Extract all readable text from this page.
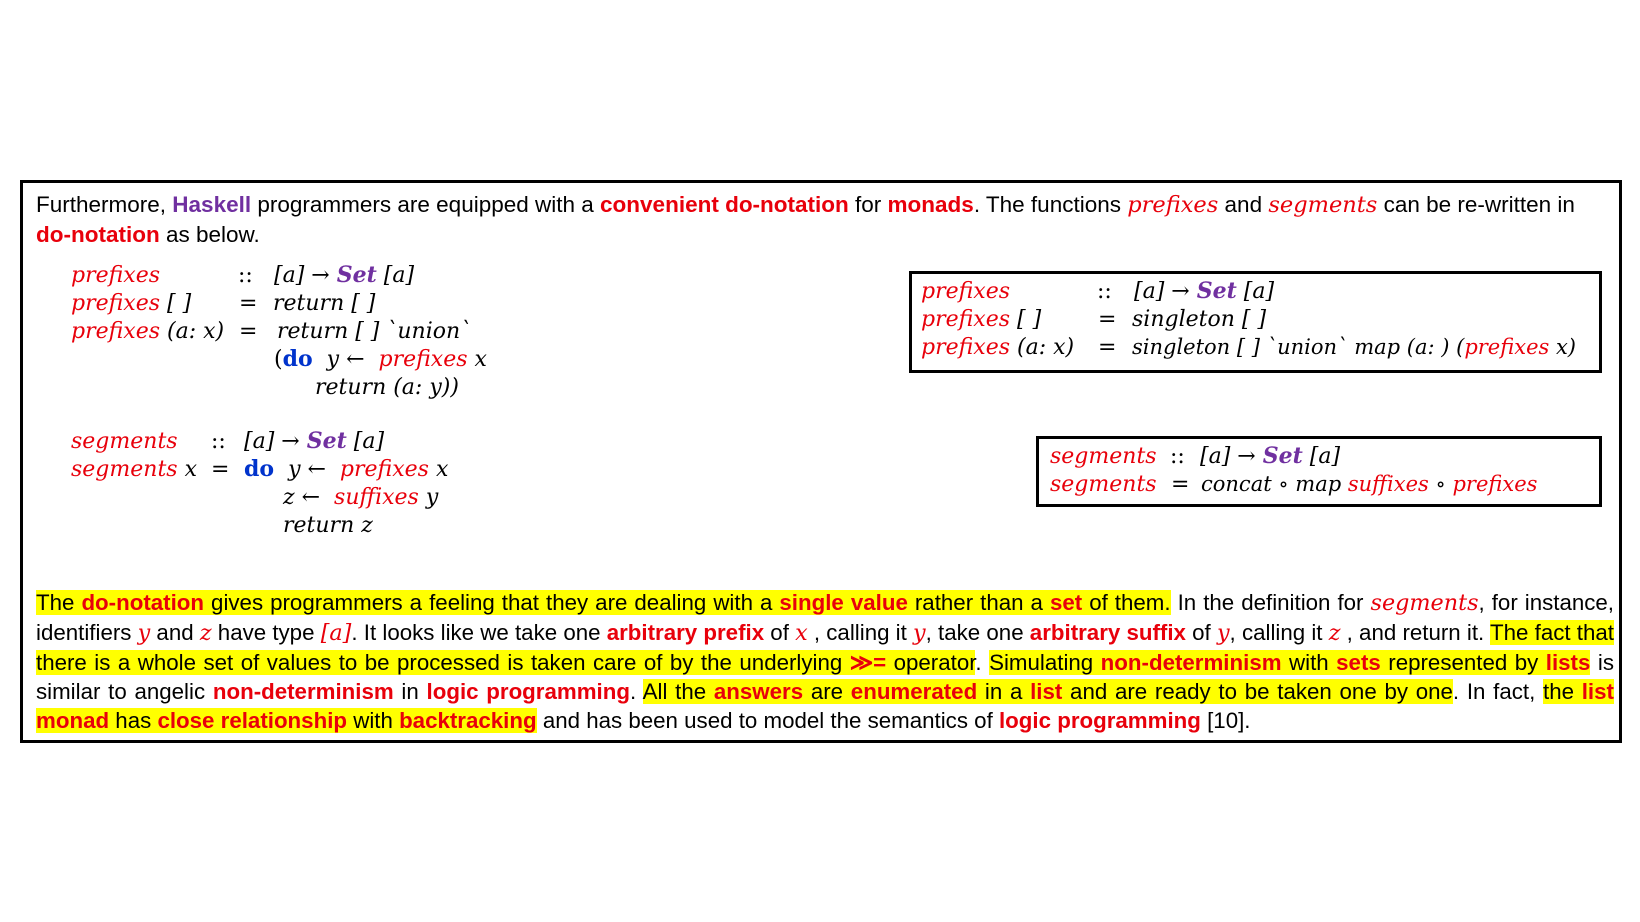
Furthermore, Haskell programmers are equipped with a convenient do-notation for monads. The functions prefixes and segments can be re-written in do-notation as below.
prefixes	:: [a] → Set [a]
prefixes [ ] = return [ ]
prefixes (a: x) = return [ ] `union`
(do y ← prefixes x
return (a: y))
segments :: [a] → Set [a]
segments x = do y ← prefixes x
z ← suffixes y
return z
prefixes	:: [a] → Set [a]
prefixes [ ]	= singleton [ ]
prefixes (a: x) = singleton [ ] `union` map (a: ) (prefixes x)
segments :: [a] → Set [a]
segments = concat ∘ map suffixes ∘ prefixes
The do-notation gives programmers a feeling that they are dealing with a single value rather than a set of them. In the definition for segments, for instance, identifiers y and z have type [a]. It looks like we take one arbitrary prefix of x , calling it y, take one arbitrary suffix of y, calling it z , and return it. The fact that there is a whole set of values to be processed is taken care of by the underlying ≫= operator. Simulating non-determinism with sets represented by lists is similar to angelic non-determinism in logic programming. All the answers are enumerated in a list and are ready to be taken one by one. In fact, the list monad has close relationship with backtracking and has been used to model the semantics of logic programming [10].
